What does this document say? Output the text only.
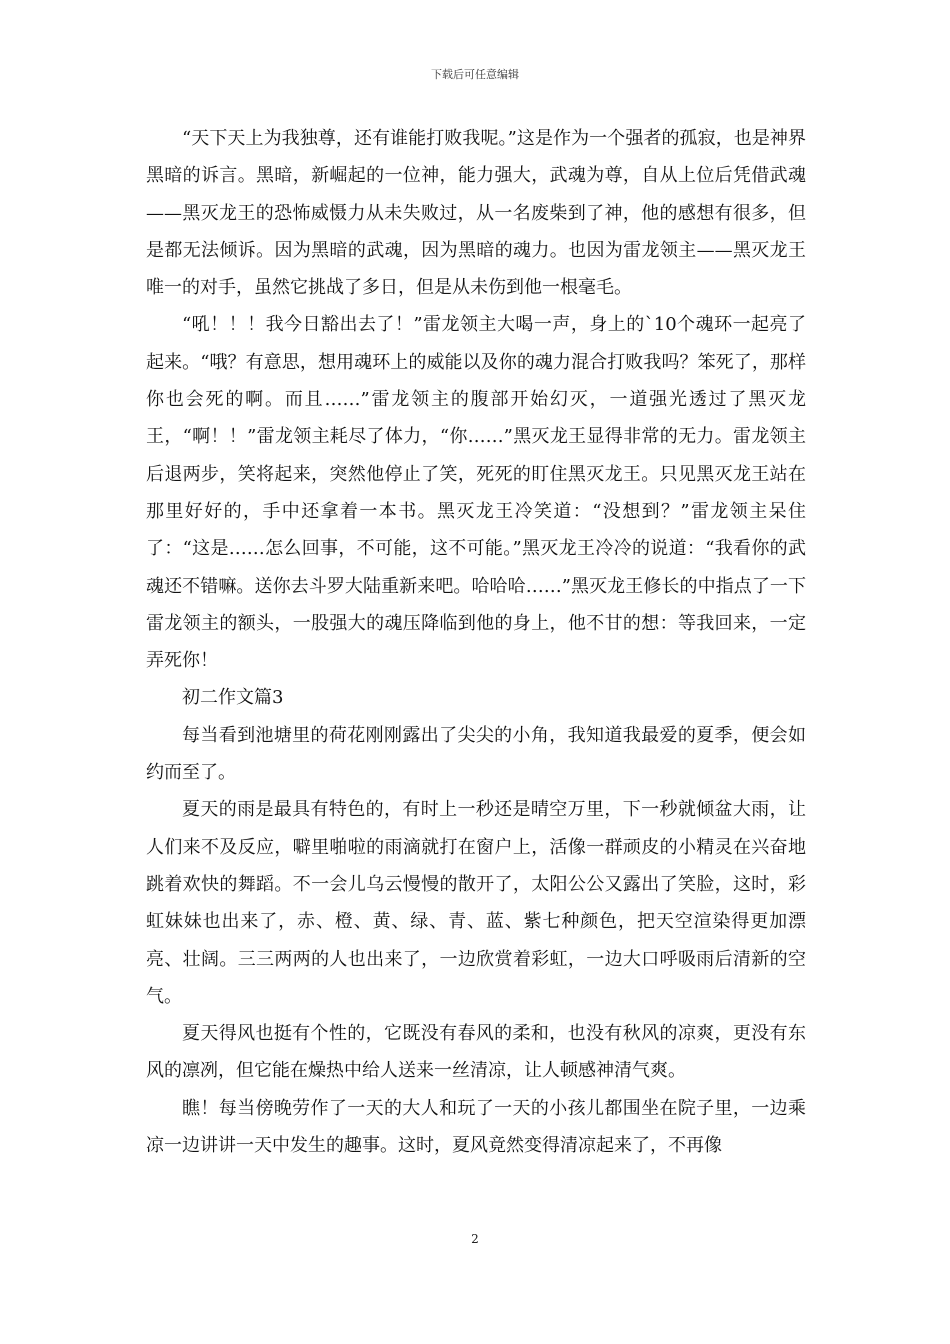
下载后可任意编辑

“天下天上为我独尊，还有谁能打败我呢。”这是作为一个强者的孤寂，也是神界黑暗的诉言。黑暗，新崛起的一位神，能力强大，武魂为尊，自从上位后凭借武魂——黑灭龙王的恐怖威慑力从未失败过，从一名废柴到了神，他的感想有很多，但是都无法倾诉。因为黑暗的武魂，因为黑暗的魂力。也因为雷龙领主——黑灭龙王唯一的对手，虽然它挑战了多日，但是从未伤到他一根毫毛。

“吼！！！我今日豁出去了！”雷龙领主大喝一声，身上的`10个魂环一起亮了起来。“哦？有意思，想用魂环上的威能以及你的魂力混合打败我吗？笨死了，那样你也会死的啊。而且……”雷龙领主的腹部开始幻灭，一道强光透过了黑灭龙王，“啊！！”雷龙领主耗尽了体力，“你……”黑灭龙王显得非常的无力。雷龙领主后退两步，笑将起来，突然他停止了笑，死死的盯住黑灭龙王。只见黑灭龙王站在那里好好的，手中还拿着一本书。黑灭龙王冷笑道：“没想到？”雷龙领主呆住了：“这是……怎么回事，不可能，这不可能。”黑灭龙王冷冷的说道：“我看你的武魂还不错嘛。送你去斗罗大陆重新来吧。哈哈哈……”黑灭龙王修长的中指点了一下雷龙领主的额头，一股强大的魂压降临到他的身上，他不甘的想：等我回来，一定弄死你！

初二作文篇3

每当看到池塘里的荷花刚刚露出了尖尖的小角，我知道我最爱的夏季，便会如约而至了。

夏天的雨是最具有特色的，有时上一秒还是晴空万里，下一秒就倾盆大雨，让人们来不及反应，噼里啪啦的雨滴就打在窗户上，活像一群顽皮的小精灵在兴奋地跳着欢快的舞蹈。不一会儿乌云慢慢的散开了，太阳公公又露出了笑脸，这时，彩虹妹妹也出来了，赤、橙、黄、绿、青、蓝、紫七种颜色，把天空渲染得更加漂亮、壮阔。三三两两的人也出来了，一边欣赏着彩虹，一边大口呼吸雨后清新的空气。

夏天得风也挺有个性的，它既没有春风的柔和，也没有秋风的凉爽，更没有东风的凛冽，但它能在燥热中给人送来一丝清凉，让人顿感神清气爽。

瞧！每当傍晚劳作了一天的大人和玩了一天的小孩儿都围坐在院子里，一边乘凉一边讲讲一天中发生的趣事。这时，夏风竟然变得清凉起来了，不再像

2
